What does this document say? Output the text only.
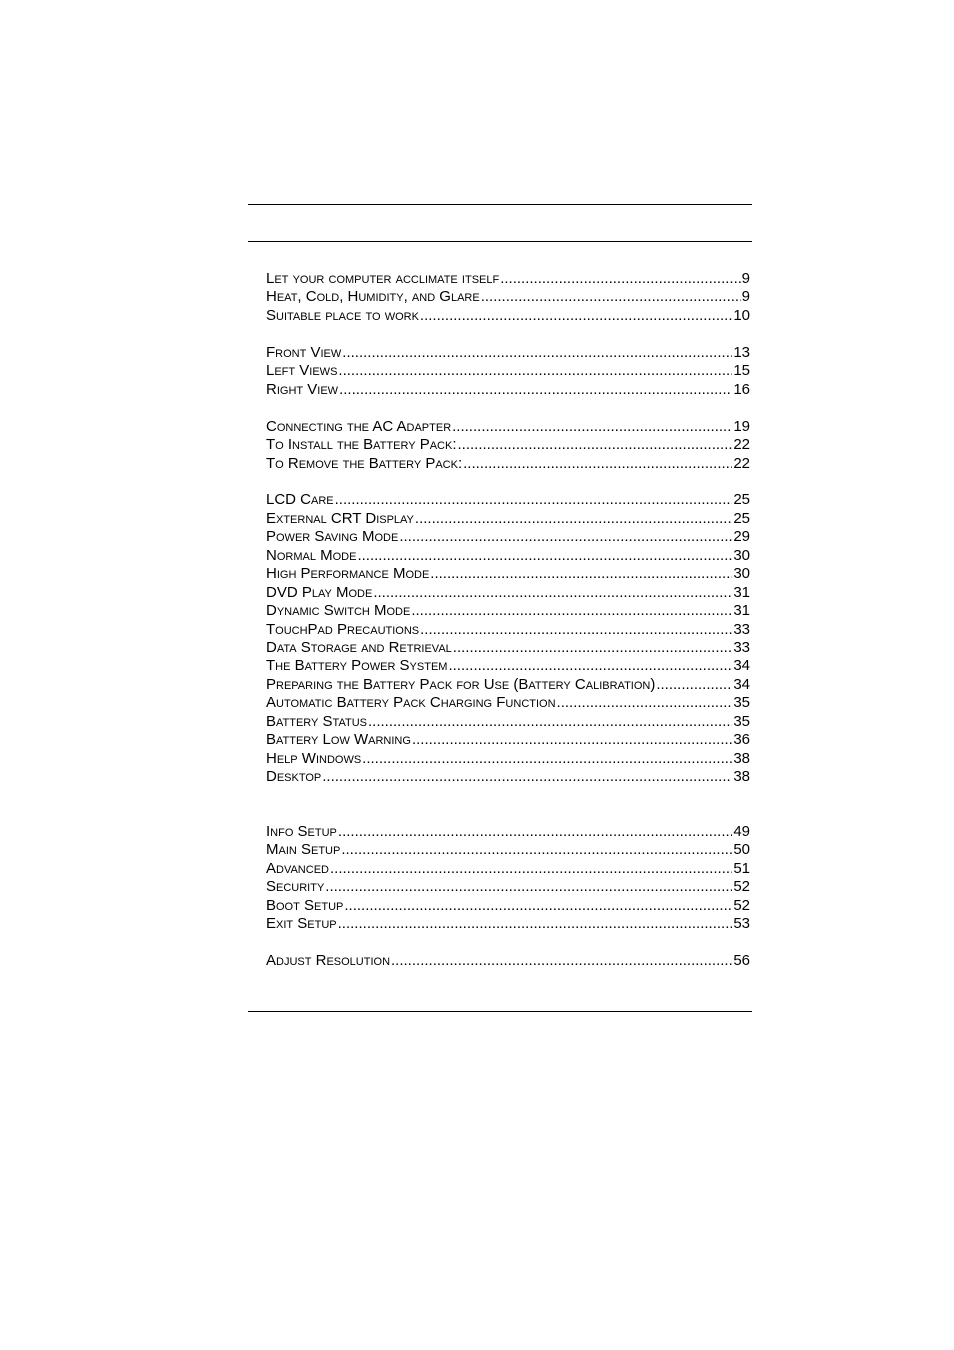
Let your computer acclimate itself .....	9
Heat, Cold, Humidity, and Glare .....	9
Suitable place to work .....	10
Front View .....	13
Left Views .....	15
Right View .....	16
Connecting the AC Adapter .....	19
To Install the Battery Pack: .....	22
To Remove the Battery Pack: .....	22
LCD Care .....	25
External CRT Display .....	25
Power Saving Mode .....	29
Normal Mode .....	30
High Performance Mode .....	30
DVD Play Mode .....	31
Dynamic Switch Mode .....	31
TouchPad Precautions .....	33
Data Storage and Retrieval .....	33
The Battery Power System .....	34
Preparing the Battery Pack for Use (Battery Calibration) .....	34
Automatic Battery Pack Charging Function .....	35
Battery Status .....	35
Battery Low Warning .....	36
Help Windows .....	38
Desktop .....	38
Info Setup .....	49
Main Setup .....	50
Advanced .....	51
Security .....	52
Boot Setup .....	52
Exit Setup .....	53
Adjust Resolution .....	56
